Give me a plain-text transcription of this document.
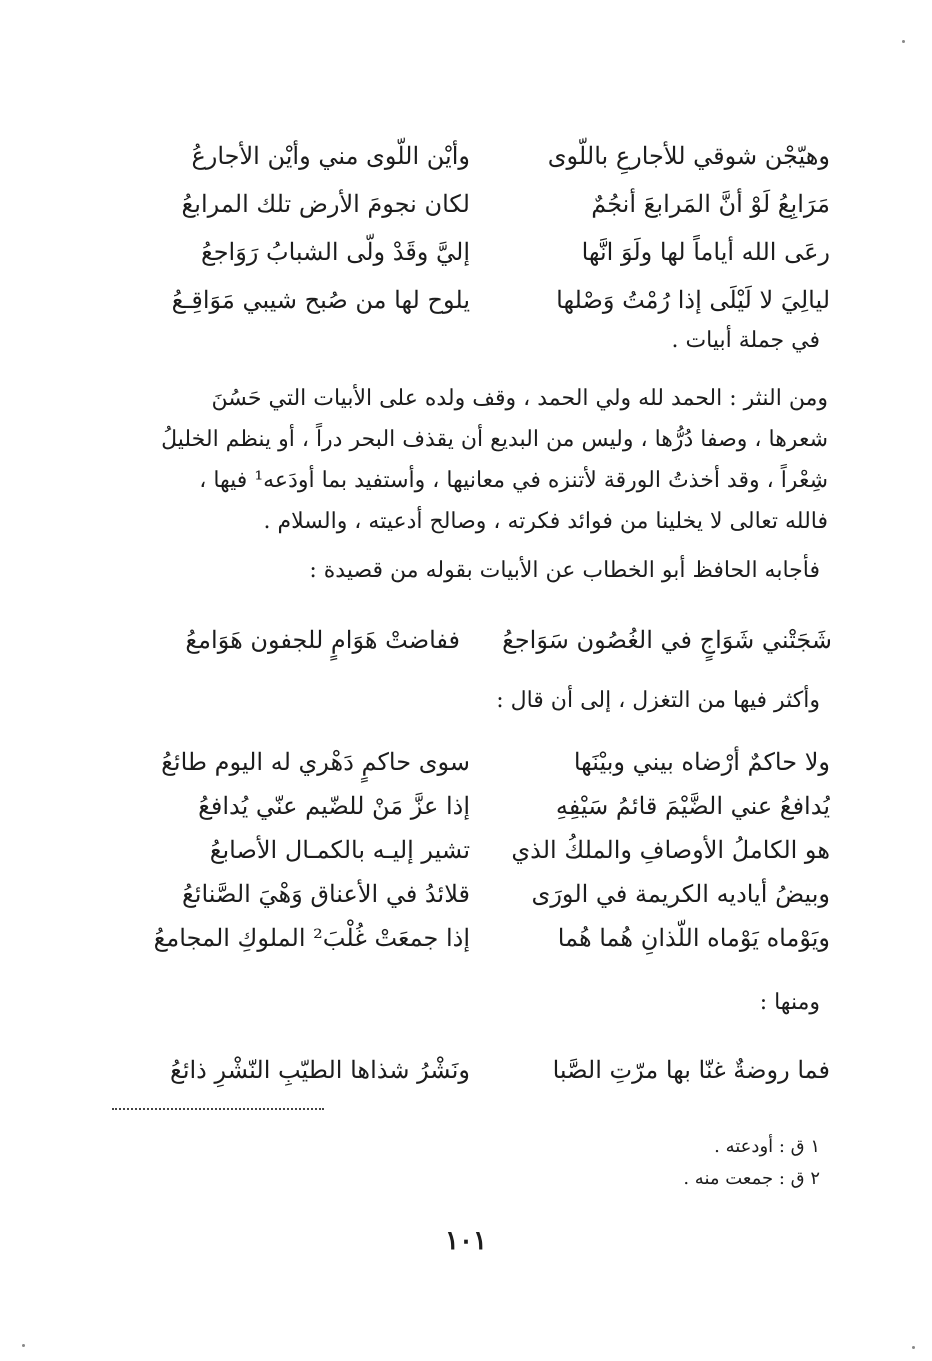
وهيّجْن شوقي للأجارعِ باللّوى
وأيْن اللّوى مني وأيْن الأجارعُ
مَرَابِعُ لَوْ أنَّ المَرابعَ أنجُمٌ
لكان نجومَ الأرض تلك المرابعُ
رعَى الله أياماً لها ولَوَ انَّها
إليَّ وقَدْ ولّى الشبابُ رَوَاجعُ
ليالِيَ لا لَيْلَى إذا رُمْتُ وَصْلها
يلوح لها من صُبح شيبي مَوَاقِـعُ
في جملة أبيات .
ومن النثر : الحمد لله ولي الحمد ، وقف ولده على الأبيات التي حَسُنَ
شعرها ، وصفا دُرُّها ، وليس من البديع أن يقذف البحر دراً ، أو ينظم الخليلُ
شِعْراً ، وقد أخذتُ الورقة لأتنزه في معانيها ، وأستفيد بما أودَعه¹ فيها ،
فالله تعالى لا يخلينا من فوائد فكرته ، وصالح أدعيته ، والسلام .
فأجابه الحافظ أبو الخطاب عن الأبيات بقوله من قصيدة :
شَجَتْني شَوَاجٍ في الغُصُون سَوَاجعُ
ففاضتْ هَوَامٍ للجفون هَوَامعُ
وأكثر فيها من التغزل ، إلى أن قال :
ولا حاكمٌ أرْضاه بيني وبيْنَها
سوى حاكمٍ دَهْري له اليوم طائعُ
يُدافعُ عني الضَّيْمَ قائمُ سَيْفِهِ
إذا عزَّ مَنْ للضّيم عنّي يُدافعُ
هو الكاملُ الأوصافِ والملكُ الذي
تشير إليـه بالكمـال الأصابعُ
وبيضُ أياديه الكريمة في الورَى
قلائدُ في الأعناق وَهْيَ الصَّنائعُ
ويَوْماه يَوْماه اللّذانِ هُما هُما
إذا جمعَتْ غُلْبَ² الملوكِ المجامعُ
ومنها :
فما روضةٌ غنّا بها مرّتِ الصَّبا
ونَشْرُ شذاها الطيّبِ النّشْرِ ذائعُ
١ ق : أودعته .
٢ ق : جمعت منه .
١٠١
